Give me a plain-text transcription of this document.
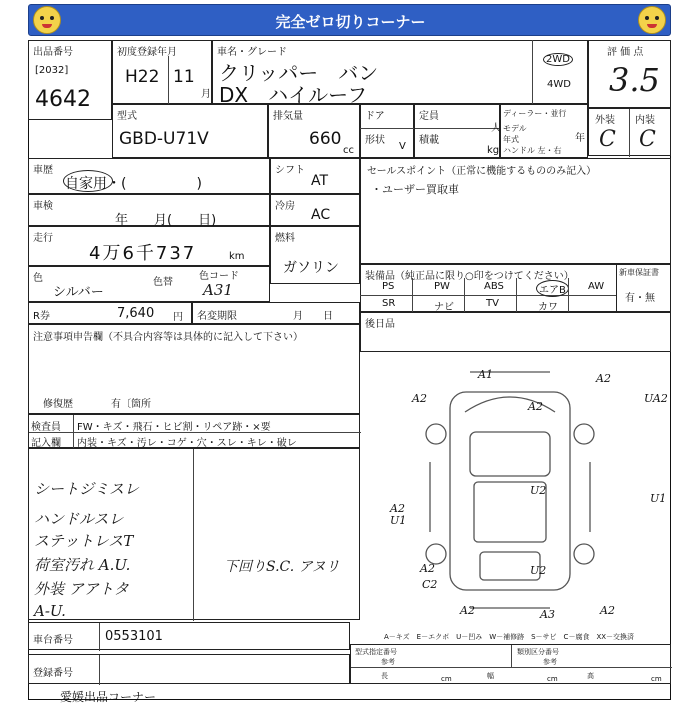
完全ゼロ切りコーナー
出品番号
[2032]
4642
初度登録年月
H22 11
月
車名・グレード
クリッパー　バン
DX　ハイルーフ
2WD
4WD
評 価 点
3.5
外装 内装
C C
型式
GBD-U71V
排気量
660
cc
ドア
形状
V
定員
人
積載
kg
ディーラー・並行
モデル年式	年
ハンドル 左・右
車歴
自家用・(　　　　　)
シフト
AT
セールスポイント（正常に機能するもののみ記入）
・ユーザー買取車
車検
年　　月(　　日)
冷房
AC
走行
4万6千737	km
燃料
ガソリン
色
シルバー
色替
色コード
A31
装備品（純正品に限り○印をつけてください）
PS	PW	ABS	エアB	AW
SR	ナビ	TV	カワ
新車保証書
有・無
R券	7,640 円 名変期限	月　　日
後日品
注意事項申告欄（不具合内容等は具体的に記入して下さい）
修復歴	有〔箇所
検査員
記入欄
FW・キズ・飛石・ヒビ割・リペア跡・×要
内装・キズ・汚レ・コゲ・穴・スレ・キレ・破レ
シートジミスレ
ハンドルスレ
ステットレスT
荷室汚れ A.U.
外装 アアトタ
A-U.
下回りS.C. アヌリ
A1
A2
A2
UA2
A2
U2
A2
U1
U1
A2
C2
U2
A2	A3	A2
A－キズ　E－エクボ　U－凹み　W－補修跡　S－サビ　C－腐食　XX－交換済
車台番号 0553101
登録番号
型式指定番号
参考
類別区分番号
参考
長	cm	幅	cm	高	cm
愛媛出品コーナー
